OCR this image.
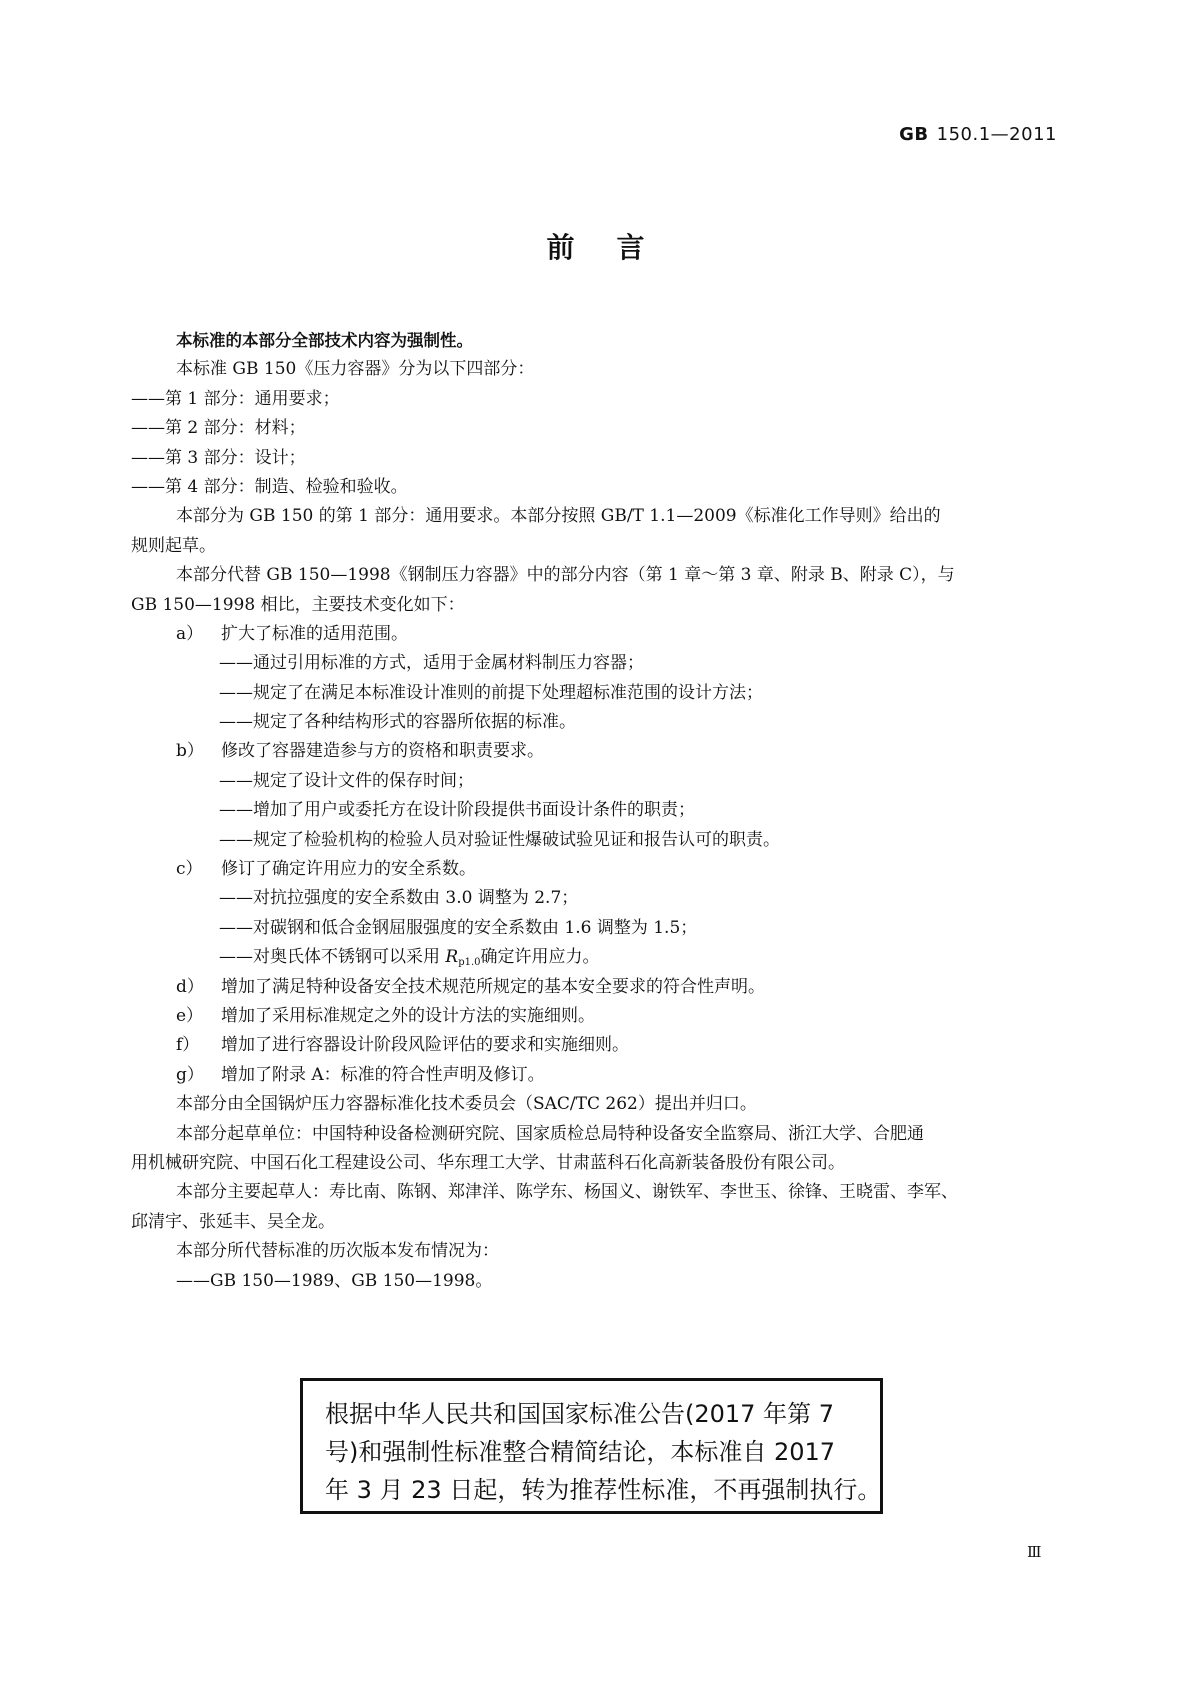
GB 150.1—2011
前言
本标准的本部分全部技术内容为强制性。
本标准 GB 150《压力容器》分为以下四部分：
——第 1 部分：通用要求；
——第 2 部分：材料；
——第 3 部分：设计；
——第 4 部分：制造、检验和验收。
本部分为 GB 150 的第 1 部分：通用要求。本部分按照 GB/T 1.1—2009《标准化工作导则》给出的
规则起草。
本部分代替 GB 150—1998《钢制压力容器》中的部分内容（第 1 章～第 3 章、附录 B、附录 C），与
GB 150—1998 相比，主要技术变化如下：
a） 扩大了标准的适用范围。
——通过引用标准的方式，适用于金属材料制压力容器；
——规定了在满足本标准设计准则的前提下处理超标准范围的设计方法；
——规定了各种结构形式的容器所依据的标准。
b） 修改了容器建造参与方的资格和职责要求。
——规定了设计文件的保存时间；
——增加了用户或委托方在设计阶段提供书面设计条件的职责；
——规定了检验机构的检验人员对验证性爆破试验见证和报告认可的职责。
c） 修订了确定许用应力的安全系数。
——对抗拉强度的安全系数由 3.0 调整为 2.7；
——对碳钢和低合金钢屈服强度的安全系数由 1.6 调整为 1.5；
——对奥氏体不锈钢可以采用 Rp1.0确定许用应力。
d） 增加了满足特种设备安全技术规范所规定的基本安全要求的符合性声明。
e） 增加了采用标准规定之外的设计方法的实施细则。
f） 增加了进行容器设计阶段风险评估的要求和实施细则。
g） 增加了附录 A：标准的符合性声明及修订。
本部分由全国锅炉压力容器标准化技术委员会（SAC/TC 262）提出并归口。
本部分起草单位：中国特种设备检测研究院、国家质检总局特种设备安全监察局、浙江大学、合肥通
用机械研究院、中国石化工程建设公司、华东理工大学、甘肃蓝科石化高新装备股份有限公司。
本部分主要起草人：寿比南、陈钢、郑津洋、陈学东、杨国义、谢铁军、李世玉、徐锋、王晓雷、李军、
邱清宇、张延丰、吴全龙。
本部分所代替标准的历次版本发布情况为：
——GB 150—1989、GB 150—1998。
根据中华人民共和国国家标准公告(2017 年第 7
号)和强制性标准整合精简结论，本标准自 2017
年 3 月 23 日起，转为推荐性标准，不再强制执行。
Ⅲ
